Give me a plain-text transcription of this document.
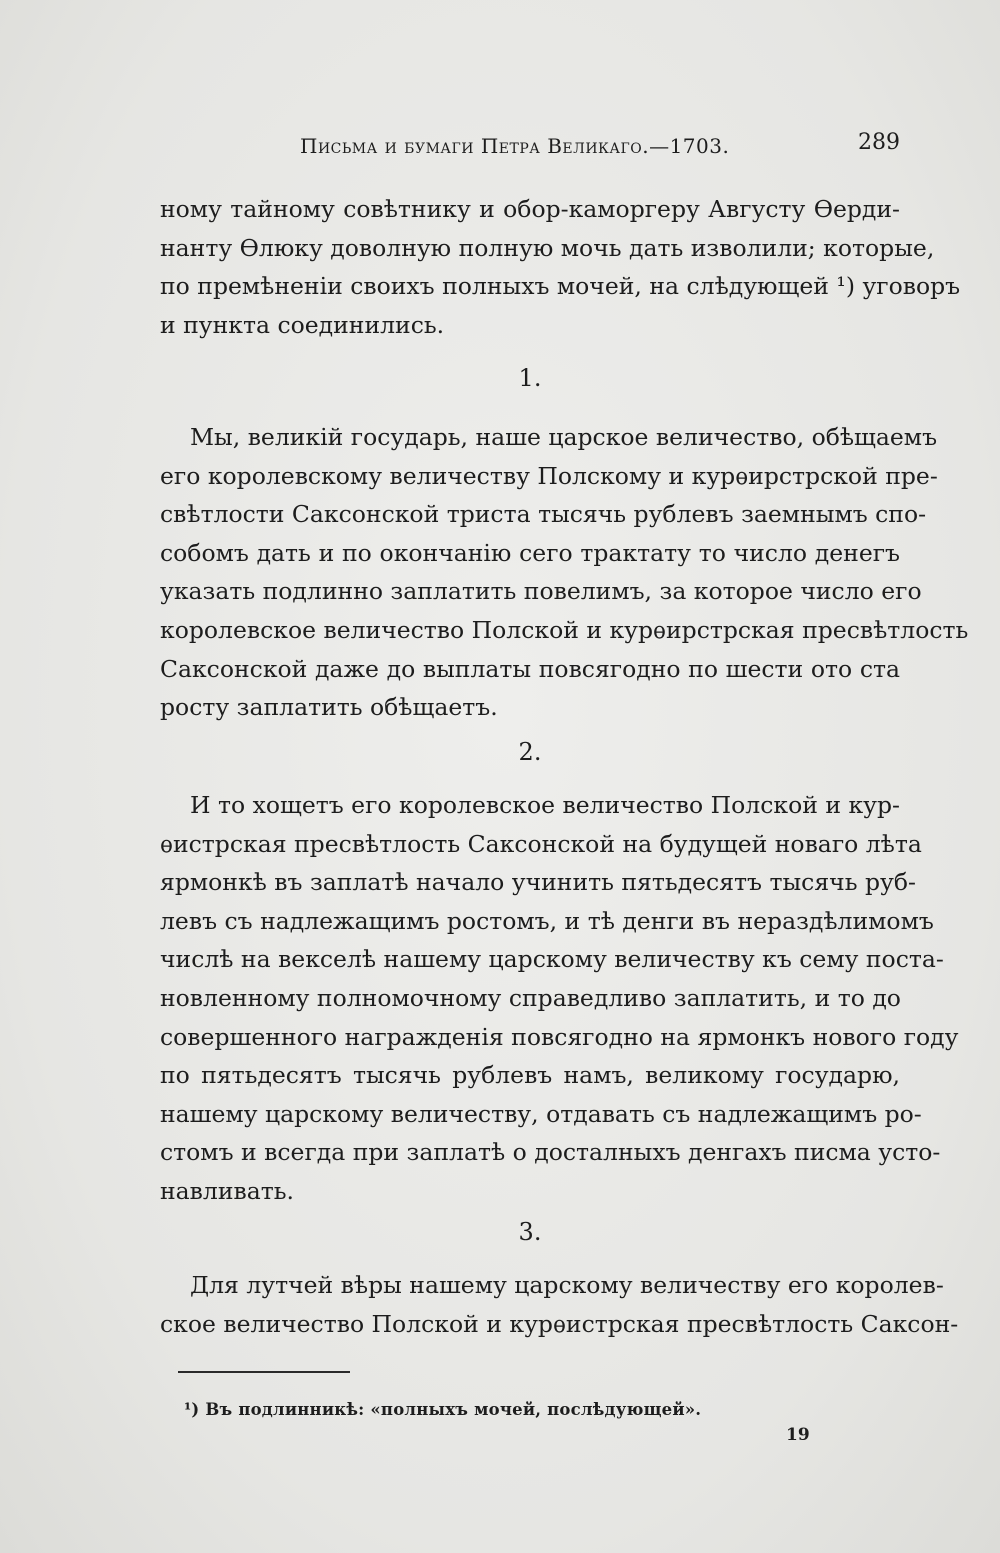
Письма и бумаги Петра Великаго.—1703.	289
ному тайному совѣтнику и обор-каморгеру Августу Ѳерди-
нанту Ѳлюку доволную полную мочь дать изволили; которые,
по премѣненіи своихъ полныхъ мочей, на слѣдующей ¹) уговоръ
и пункта соединились.
1.
Мы, великій государь, наше царское величество, обѣщаемъ
его королевскому величеству Полскому и курѳирстрской пре-
свѣтлости Саксонской триста тысячь рублевъ заемнымъ спо-
собомъ дать и по окончанію сего трактату то число денегъ
указать подлинно заплатить повелимъ, за которое число его
королевское величество Полской и курѳирстрская пресвѣтлость
Саксонской даже до выплаты повсягодно по шести ото ста
росту заплатить обѣщаетъ.
2.
И то хощетъ его королевское величество Полской и кур-
ѳистрская пресвѣтлость Саксонской на будущей новаго лѣта
ярмонкѣ въ заплатѣ начало учинить пятьдесятъ тысячь руб-
левъ съ надлежащимъ ростомъ, и тѣ денги въ нераздѣлимомъ
числѣ на векселѣ нашему царскому величеству къ сему поста-
новленному полномочному справедливо заплатить, и то до
совершенного награжденія повсягодно на ярмонкъ нового году
по пятьдесятъ тысячь рублевъ намъ, великому государю,
нашему царскому величеству, отдавать съ надлежащимъ ро-
стомъ и всегда при заплатѣ о досталныхъ денгахъ писма усто-
навливать.
3.
Для лутчей вѣры нашему царскому величеству его королев-
ское величество Полской и курѳистрская пресвѣтлость Саксон-
¹) Въ подлинникѣ: «полныхъ мочей, послѣдующей».
19
